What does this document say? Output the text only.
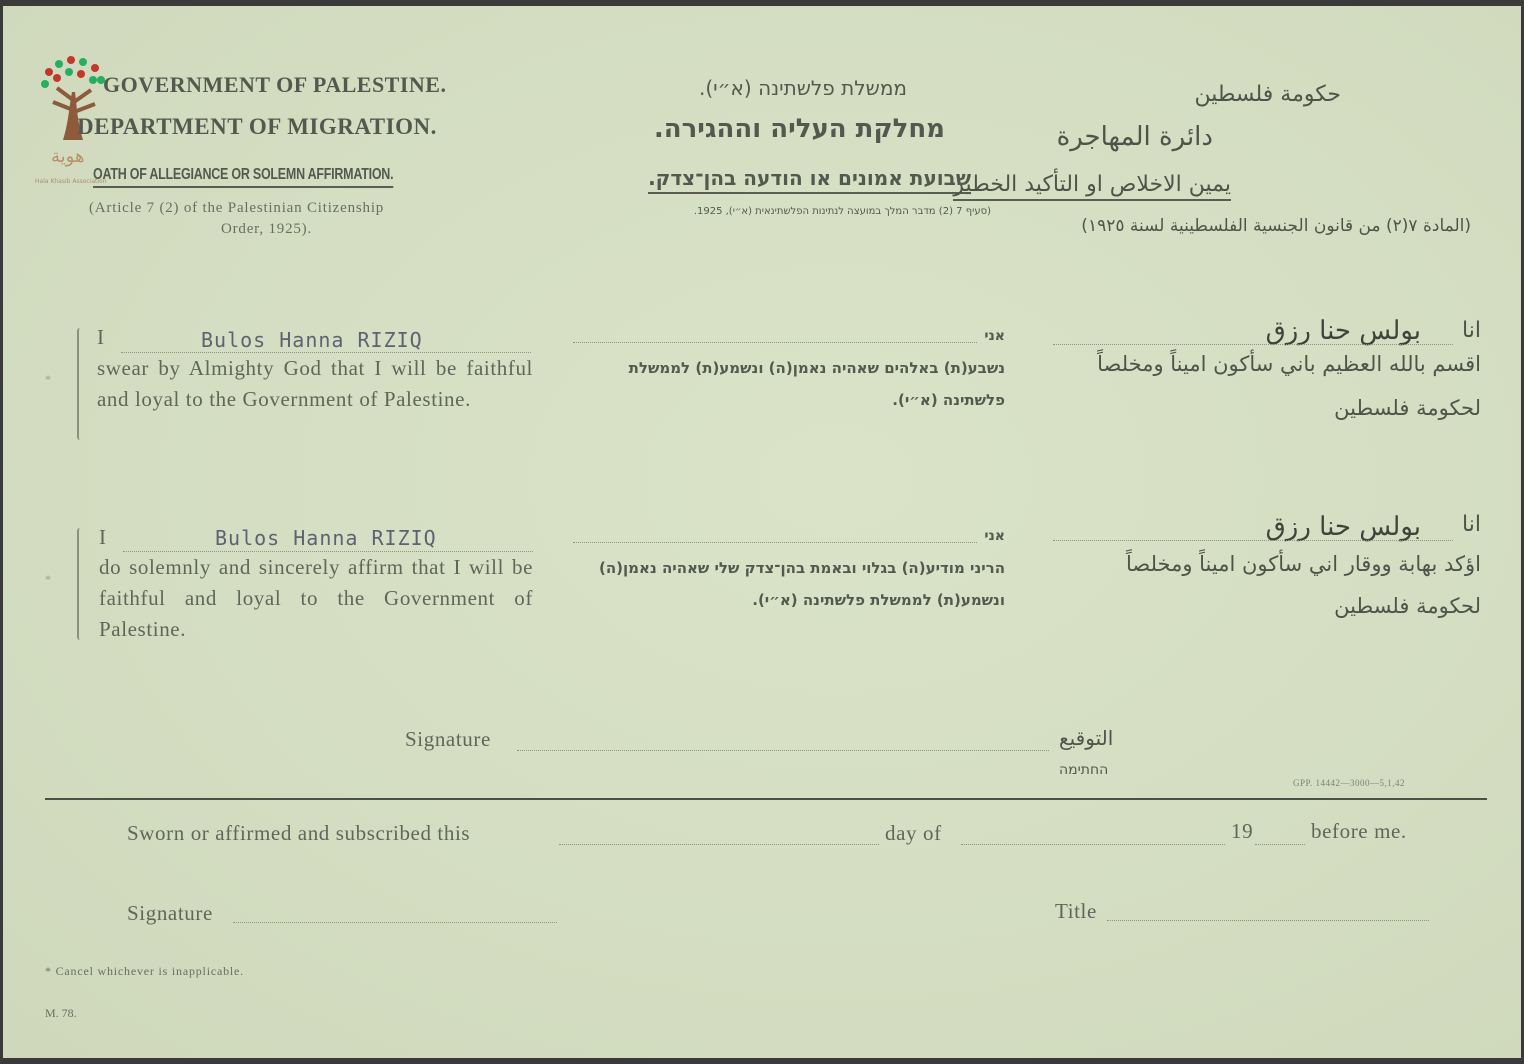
هوية
Hala Khasib Association
GOVERNMENT OF PALESTINE.
DEPARTMENT OF MIGRATION.
OATH OF ALLEGIANCE OR SOLEMN AFFIRMATION.
(Article 7 (2) of the Palestinian Citizenship
Order, 1925).
ממשלת פלשתינה (א״י).
מחלקת העליה וההגירה.
שבועת אמונים או הודעה בהן־צדק.
(סעיף 7 (2) מדבר המלך במועצה לנתינות הפלשתינאית (א״י), 1925.
حكومة فلسطين
دائرة المهاجرة
يمين الاخلاص او التأكيد الخطير
(المادة ٧(٢) من قانون الجنسية الفلسطينية لسنة ١٩٢٥)
*
I	Bulos Hanna RIZIQ
swear by Almighty God that I will be faithful and loyal to the Government of Palestine.
אני
נשבע(ת) באלהים שאהיה נאמן(ה) ונשמע(ת) לממשלת פלשתינה (א״י).
انا
بولس حنا رزق
اقسم بالله العظيم باني سأكون اميناً ومخلصاً
لحكومة فلسطين
*
I	Bulos Hanna RIZIQ
do solemnly and sincerely affirm that I will be faithful and loyal to the Government of Palestine.
אני
הריני מודיע(ה) בגלוי ובאמת בהן־צדק שלי שאהיה נאמן(ה) ונשמע(ת) לממשלת פלשתינה (א״י).
انا
بولس حنا رزق
اؤكد بهابة ووقار اني سأكون اميناً ومخلصاً
لحكومة فلسطين
Signature	التوقيع
החתימה
GPP. 14442—3000—5,1,42
Sworn or affirmed and subscribed this	day of	19	before me.
Signature	Title
* Cancel whichever is inapplicable.
M. 78.
